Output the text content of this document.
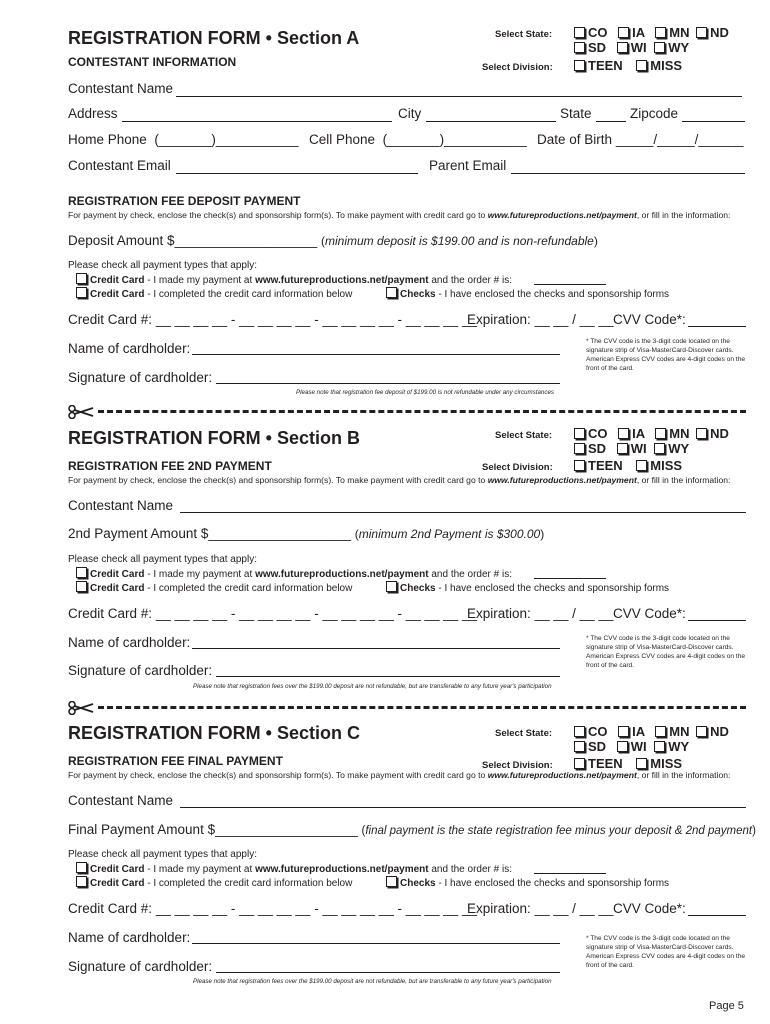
REGISTRATION FORM • Section A
CONTESTANT INFORMATION
Select State:	CO IA MN ND
SD WI WY
Select Division:	TEEN MISS
Contestant Name
Address	City	State	Zipcode
Home Phone (_______)___________ Cell Phone (_______)___________ Date of Birth _____/_____/______
Contestant Email	Parent Email
REGISTRATION FEE DEPOSIT PAYMENT
For payment by check, enclose the check(s) and sponsorship form(s). To make payment with credit card go to www.futureproductions.net/payment, or fill in the information:
Deposit Amount $___________________ (minimum deposit is $199.00 and is non-refundable)
Please check all payment types that apply:
Credit Card - I made my payment at www.futureproductions.net/payment and the order # is:
Credit Card - I completed the credit card information below	Checks - I have enclosed the checks and sponsorship forms
Credit Card #: __ __ __ __ - __ __ __ __ - __ __ __ __ - __ __ __ __
Expiration: __ __ / __ __ CVV Code*:
Name of cardholder:	* The CVV code is the 3-digit code located on the signature strip of Visa-MasterCard-Discover cards. American Express CVV codes are 4-digit codes on the front of the card.
Signature of cardholder:
Please note that registration fee deposit of $199.00 is not refundable under any circumstances
REGISTRATION FORM • Section B	Select State:	CO IA MN ND
SD WI WY
REGISTRATION FEE 2ND PAYMENT	Select Division:	TEEN MISS
For payment by check, enclose the check(s) and sponsorship form(s). To make payment with credit card go to www.futureproductions.net/payment, or fill in the information:
Contestant Name
2nd Payment Amount $___________________ (minimum 2nd Payment is $300.00)
Please check all payment types that apply:
Credit Card - I made my payment at www.futureproductions.net/payment and the order # is:
Credit Card - I completed the credit card information below	Checks - I have enclosed the checks and sponsorship forms
Credit Card #: __ __ __ __ - __ __ __ __ - __ __ __ __ - __ __ __ __
Expiration: __ __ / __ __ CVV Code*:
Name of cardholder:	* The CVV code is the 3-digit code located on the signature strip of Visa-MasterCard-Discover cards. American Express CVV codes are 4-digit codes on the front of the card.
Signature of cardholder:
Please note that registration fees over the $199.00 deposit are not refundable, but are transferable to any future year's participation
REGISTRATION FORM • Section C	Select State:	CO IA MN ND
SD WI WY
REGISTRATION FEE FINAL PAYMENT	Select Division:	TEEN MISS
For payment by check, enclose the check(s) and sponsorship form(s). To make payment with credit card go to www.futureproductions.net/payment, or fill in the information:
Contestant Name
Final Payment Amount $___________________ (final payment is the state registration fee minus your deposit & 2nd payment)
Please check all payment types that apply:
Credit Card - I made my payment at www.futureproductions.net/payment and the order # is:
Credit Card - I completed the credit card information below	Checks - I have enclosed the checks and sponsorship forms
Credit Card #: __ __ __ __ - __ __ __ __ - __ __ __ __ - __ __ __ __
Expiration: __ __ / __ __ CVV Code*:
Name of cardholder:	* The CVV code is the 3-digit code located on the signature strip of Visa-MasterCard-Discover cards. American Express CVV codes are 4-digit codes on the front of the card.
Signature of cardholder:
Please note that registration fees over the $199.00 deposit are not refundable, but are transferable to any future year's participation
Page 5
